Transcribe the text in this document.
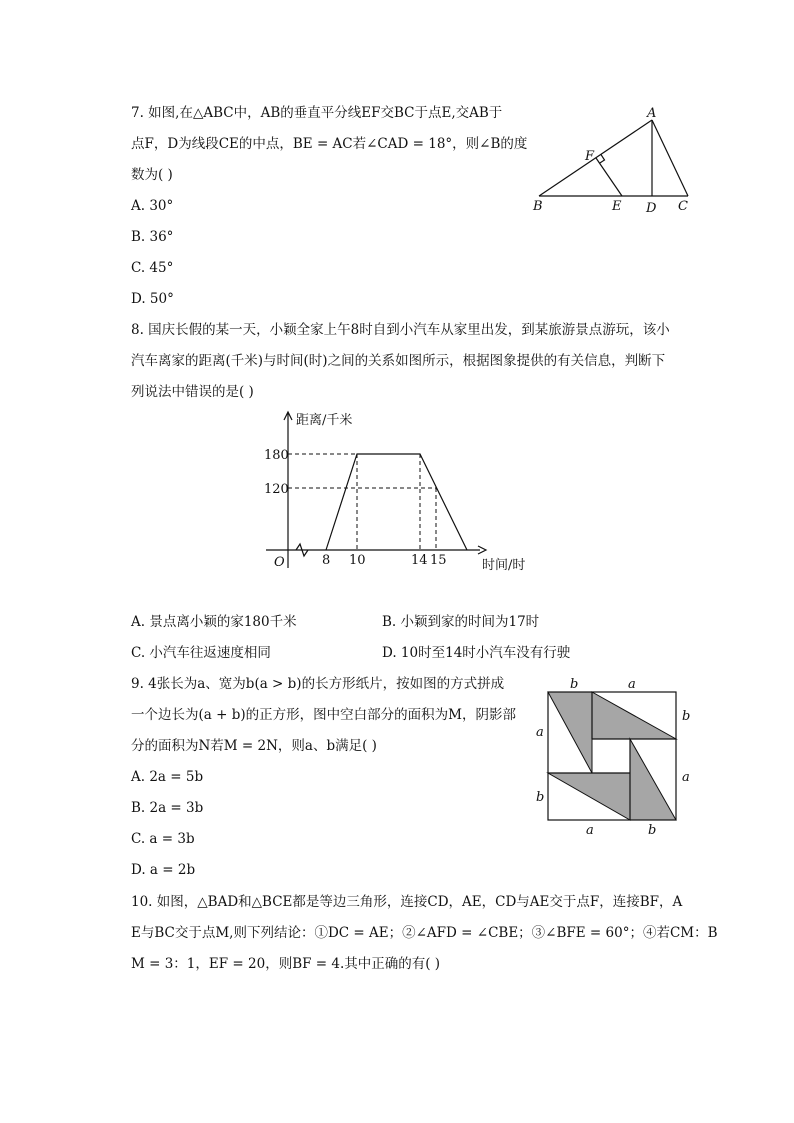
7. 如图,在△ABC中，AB的垂直平分线EF交BC于点E,交AB于
点F，D为线段CE的中点，BE = AC若∠CAD = 18°，则∠B的度
数为( )
A. 30°
B. 36°
C. 45°
D. 50°
A
B	C
D
E
F
8. 国庆长假的某一天，小颖全家上午8时自到小汽车从家里出发，到某旅游景点游玩，该小
汽车离家的距离(千米)与时间(时)之间的关系如图所示，根据图象提供的有关信息，判断下
列说法中错误的是( )
距离/千米
时间/时
O
180
120
8 10	14 15
A. 景点离小颖的家180千米	B. 小颖到家的时间为17时
C. 小汽车往返速度相同	D. 10时至14时小汽车没有行驶
9. 4张长为a、宽为b(a > b)的长方形纸片，按如图的方式拼成
一个边长为(a + b)的正方形，图中空白部分的面积为M，阴影部
分的面积为N若M = 2N，则a、b满足( )
A. 2a = 5b
B. 2a = 3b
C. a = 3b
D. a = 2b
b	a
a
b
b
a
a	b
10. 如图，△BAD和△BCE都是等边三角形，连接CD，AE，CD与AE交于点F，连接BF，A
E与BC交于点M,则下列结论：①DC = AE；②∠AFD = ∠CBE；③∠BFE = 60°；④若CM：B
M = 3：1，EF = 20，则BF = 4.其中正确的有( )
